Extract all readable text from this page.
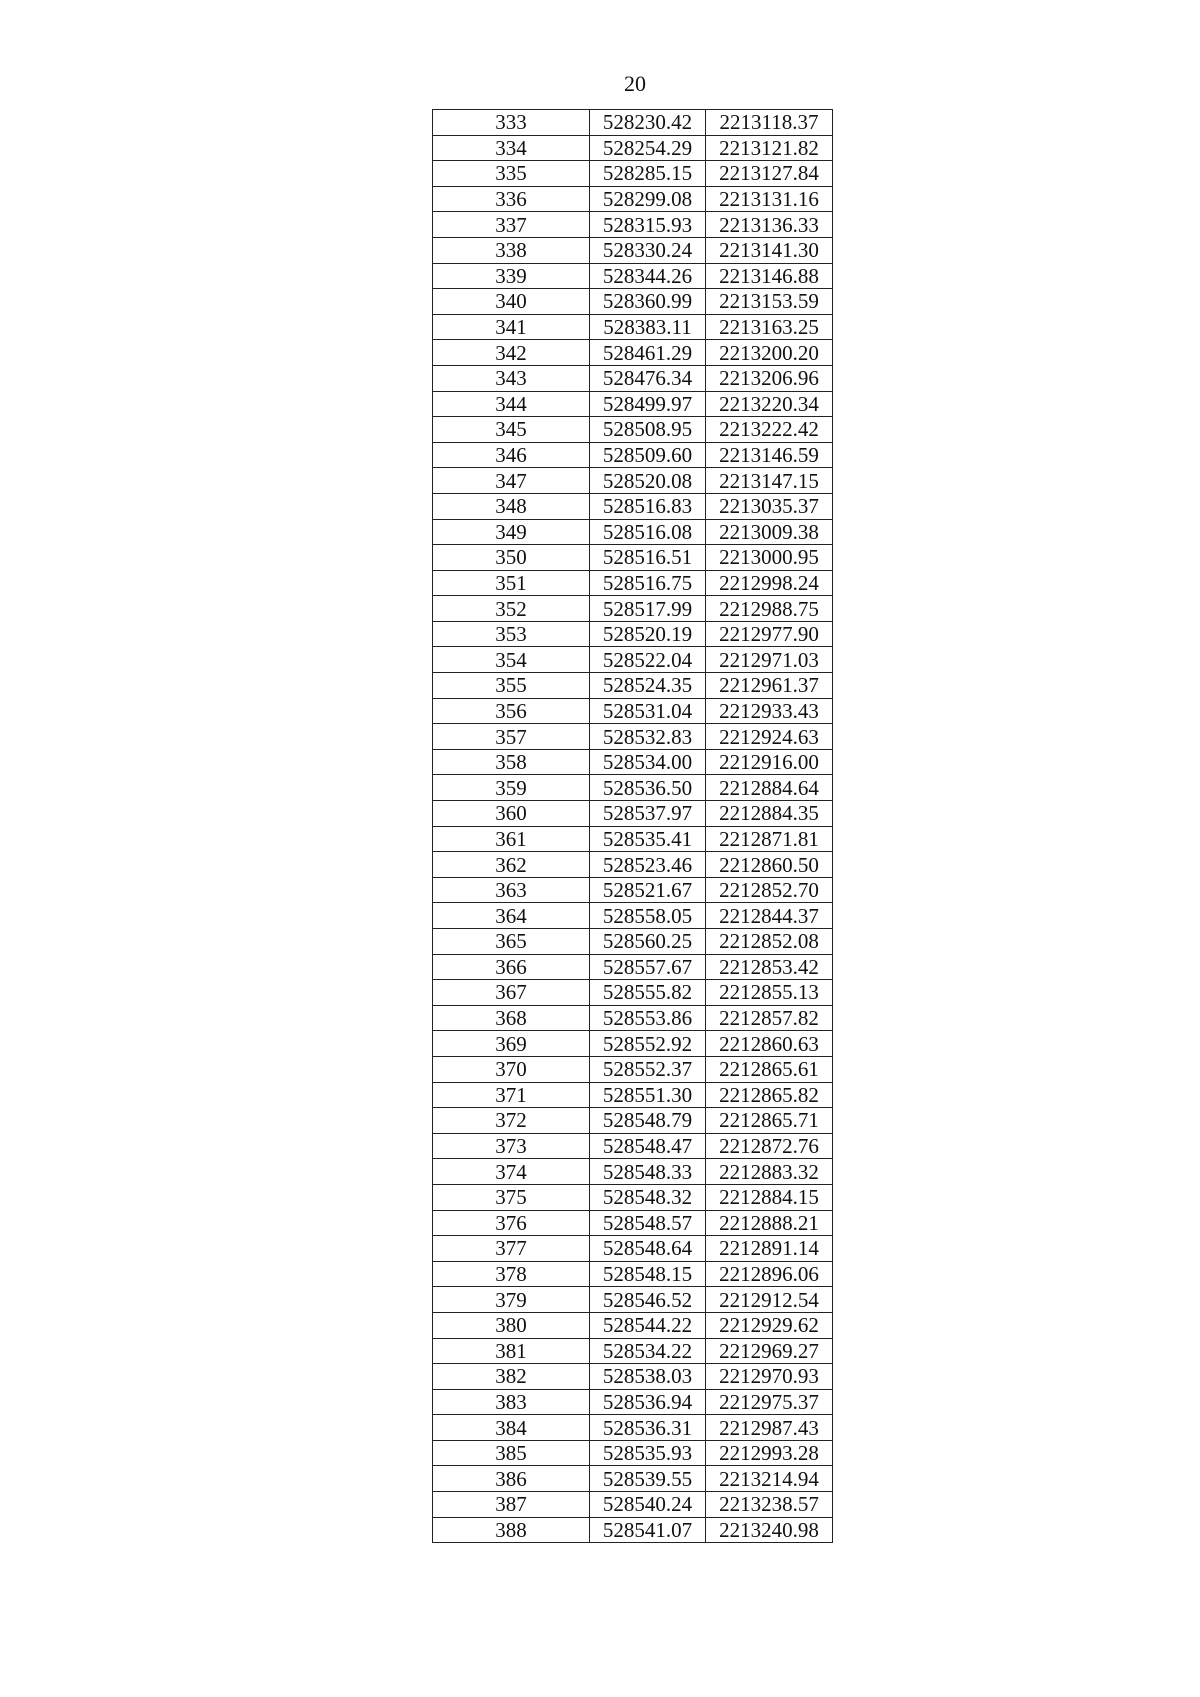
20
333	528230.42	2213118.37
334	528254.29	2213121.82
335	528285.15	2213127.84
336	528299.08	2213131.16
337	528315.93	2213136.33
338	528330.24	2213141.30
339	528344.26	2213146.88
340	528360.99	2213153.59
341	528383.11	2213163.25
342	528461.29	2213200.20
343	528476.34	2213206.96
344	528499.97	2213220.34
345	528508.95	2213222.42
346	528509.60	2213146.59
347	528520.08	2213147.15
348	528516.83	2213035.37
349	528516.08	2213009.38
350	528516.51	2213000.95
351	528516.75	2212998.24
352	528517.99	2212988.75
353	528520.19	2212977.90
354	528522.04	2212971.03
355	528524.35	2212961.37
356	528531.04	2212933.43
357	528532.83	2212924.63
358	528534.00	2212916.00
359	528536.50	2212884.64
360	528537.97	2212884.35
361	528535.41	2212871.81
362	528523.46	2212860.50
363	528521.67	2212852.70
364	528558.05	2212844.37
365	528560.25	2212852.08
366	528557.67	2212853.42
367	528555.82	2212855.13
368	528553.86	2212857.82
369	528552.92	2212860.63
370	528552.37	2212865.61
371	528551.30	2212865.82
372	528548.79	2212865.71
373	528548.47	2212872.76
374	528548.33	2212883.32
375	528548.32	2212884.15
376	528548.57	2212888.21
377	528548.64	2212891.14
378	528548.15	2212896.06
379	528546.52	2212912.54
380	528544.22	2212929.62
381	528534.22	2212969.27
382	528538.03	2212970.93
383	528536.94	2212975.37
384	528536.31	2212987.43
385	528535.93	2212993.28
386	528539.55	2213214.94
387	528540.24	2213238.57
388	528541.07	2213240.98
